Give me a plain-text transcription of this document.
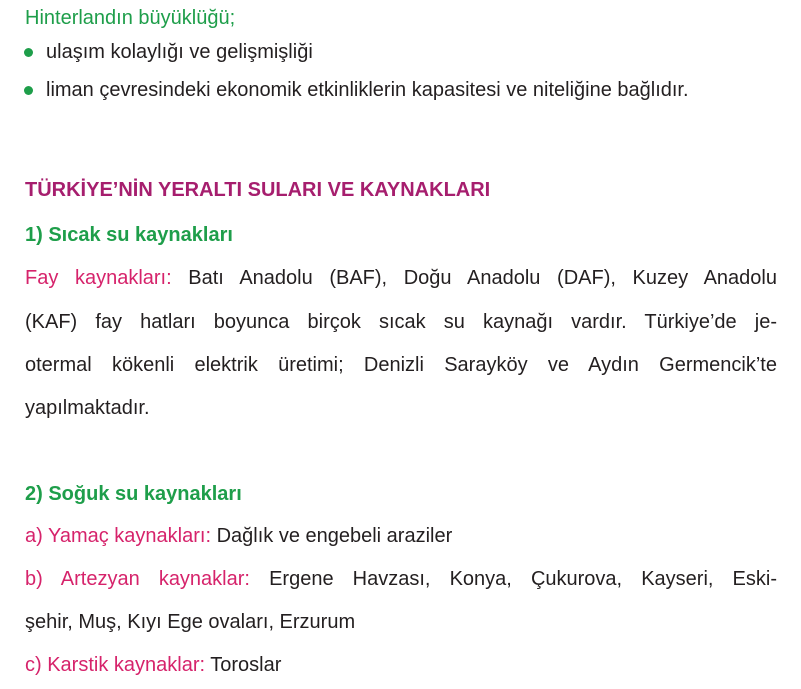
Hinterlandın büyüklüğü;
ulaşım kolaylığı ve gelişmişliği
liman çevresindeki ekonomik etkinliklerin kapasitesi ve niteliğine bağlıdır.
TÜRKİYE’NİN YERALTI SULARI VE KAYNAKLARI
1) Sıcak su kaynakları
Fay kaynakları: Batı Anadolu (BAF), Doğu Anadolu (DAF), Kuzey Anadolu
(KAF) fay hatları boyunca birçok sıcak su kaynağı vardır. Türkiye’de je-
otermal kökenli elektrik üretimi; Denizli Sarayköy ve Aydın Germencik’te
yapılmaktadır.
2) Soğuk su kaynakları
a) Yamaç kaynakları: Dağlık ve engebeli araziler
b) Artezyan kaynaklar: Ergene Havzası, Konya, Çukurova, Kayseri, Eski-
şehir, Muş, Kıyı Ege ovaları, Erzurum
c) Karstik kaynaklar: Toroslar
